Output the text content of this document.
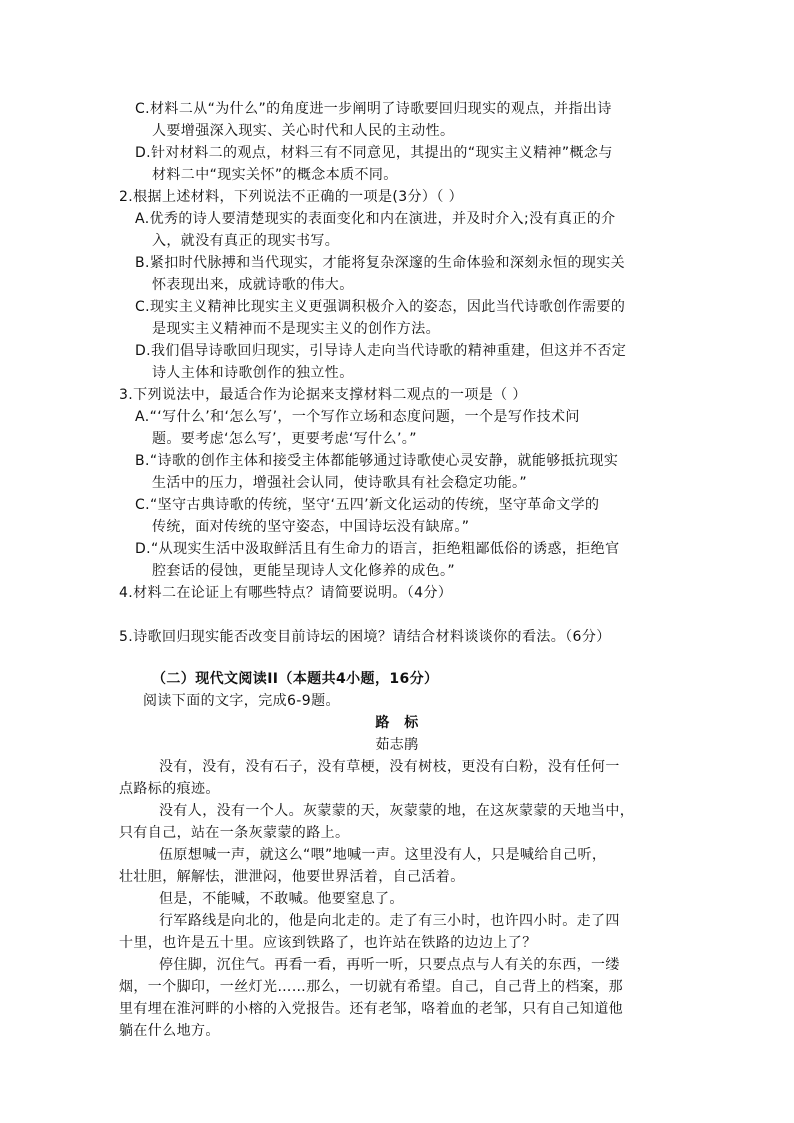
C.材料二从“为什么”的角度进一步阐明了诗歌要回归现实的观点，并指出诗

人要增强深入现实、关心时代和人民的主动性。

D.针对材料二的观点，材料三有不同意见，其提出的“现实主义精神”概念与

材料二中“现实关怀”的概念本质不同。

2.根据上述材料，下列说法不正确的一项是(3分）（ ）

A.优秀的诗人要清楚现实的表面变化和内在演进，并及时介入;没有真正的介

入，就没有真正的现实书写。

B.紧扣时代脉搏和当代现实，才能将复杂深邃的生命体验和深刻永恒的现实关

怀表现出来，成就诗歌的伟大。

C.现实主义精神比现实主义更强调积极介入的姿态，因此当代诗歌创作需要的

是现实主义精神而不是现实主义的创作方法。

D.我们倡导诗歌回归现实，引导诗人走向当代诗歌的精神重建，但这并不否定

诗人主体和诗歌创作的独立性。

3.下列说法中，最适合作为论据来支撑材料二观点的一项是（ ）

A.“‘写什么’和‘怎么写’，一个写作立场和态度问题，一个是写作技术问

题。要考虑‘怎么写’，更要考虑‘写什么’。”

B.“诗歌的创作主体和接受主体都能够通过诗歌使心灵安静，就能够抵抗现实

生活中的压力，增强社会认同，使诗歌具有社会稳定功能。”

C.“坚守古典诗歌的传统，坚守‘五四’新文化运动的传统，坚守革命文学的

传统，面对传统的坚守姿态，中国诗坛没有缺席。”

D.“从现实生活中汲取鲜活且有生命力的语言，拒绝粗鄙低俗的诱惑，拒绝官

腔套话的侵蚀，更能呈现诗人文化修养的成色。”

4.材料二在论证上有哪些特点？请简要说明。（4分）

5.诗歌回归现实能否改变目前诗坛的困境？请结合材料谈谈你的看法。（6分）

（二）现代文阅读II（本题共4小题，16分）

阅读下面的文字，完成6-9题。

路　标

茹志鹃

没有，没有，没有石子，没有草梗，没有树枝，更没有白粉，没有任何一

点路标的痕迹。

没有人，没有一个人。灰蒙蒙的天，灰蒙蒙的地，在这灰蒙蒙的天地当中，

只有自己，站在一条灰蒙蒙的路上。

伍原想喊一声，就这么“喂”地喊一声。这里没有人，只是喊给自己听，

壮壮胆，解解怯，泄泄闷，他要世界活着，自己活着。

但是，不能喊，不敢喊。他要窒息了。

行军路线是向北的，他是向北走的。走了有三小时，也许四小时。走了四

十里，也许是五十里。应该到铁路了，也许站在铁路的边边上了？

停住脚，沉住气。再看一看，再听一听，只要点点与人有关的东西，一缕

烟，一个脚印，一丝灯光……那么，一切就有希望。自己，自己背上的档案，那

里有埋在淮河畔的小榕的入党报告。还有老邹，咯着血的老邹，只有自己知道他

躺在什么地方。
